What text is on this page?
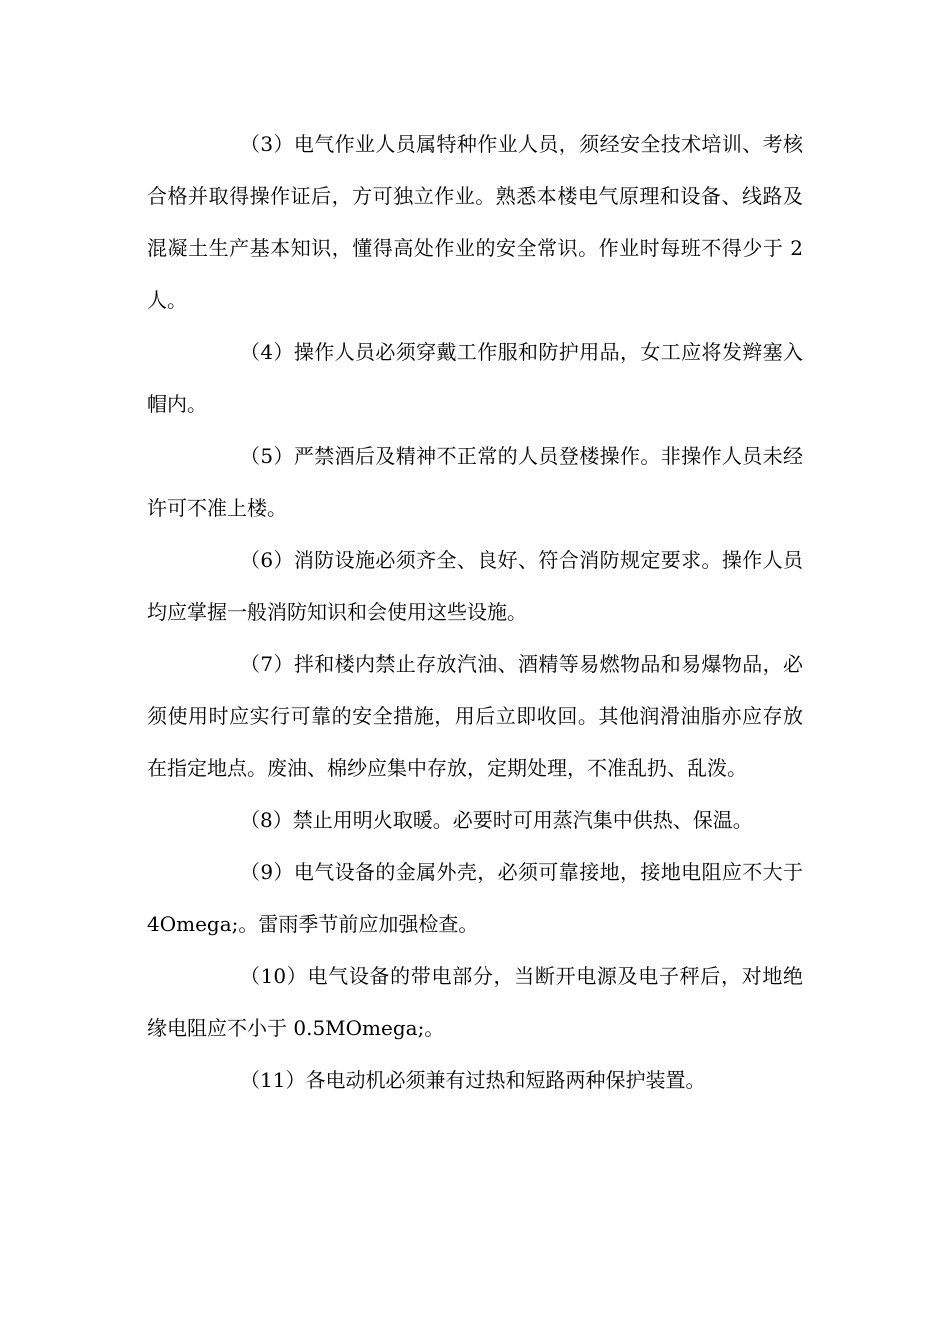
（3）电气作业人员属特种作业人员，须经安全技术培训、考核合格并取得操作证后，方可独立作业。熟悉本楼电气原理和设备、线路及混凝土生产基本知识，懂得高处作业的安全常识。作业时每班不得少于 2 人。

（4）操作人员必须穿戴工作服和防护用品，女工应将发辫塞入帽内。

（5）严禁酒后及精神不正常的人员登楼操作。非操作人员未经许可不准上楼。

（6）消防设施必须齐全、良好、符合消防规定要求。操作人员均应掌握一般消防知识和会使用这些设施。

（7）拌和楼内禁止存放汽油、酒精等易燃物品和易爆物品，必须使用时应实行可靠的安全措施，用后立即收回。其他润滑油脂亦应存放在指定地点。废油、棉纱应集中存放，定期处理，不准乱扔、乱泼。

（8）禁止用明火取暖。必要时可用蒸汽集中供热、保温。

（9）电气设备的金属外壳，必须可靠接地，接地电阻应不大于 4Omega;。雷雨季节前应加强检查。

（10）电气设备的带电部分，当断开电源及电子秤后，对地绝缘电阻应不小于 0.5MOmega;。

（11）各电动机必须兼有过热和短路两种保护装置。
